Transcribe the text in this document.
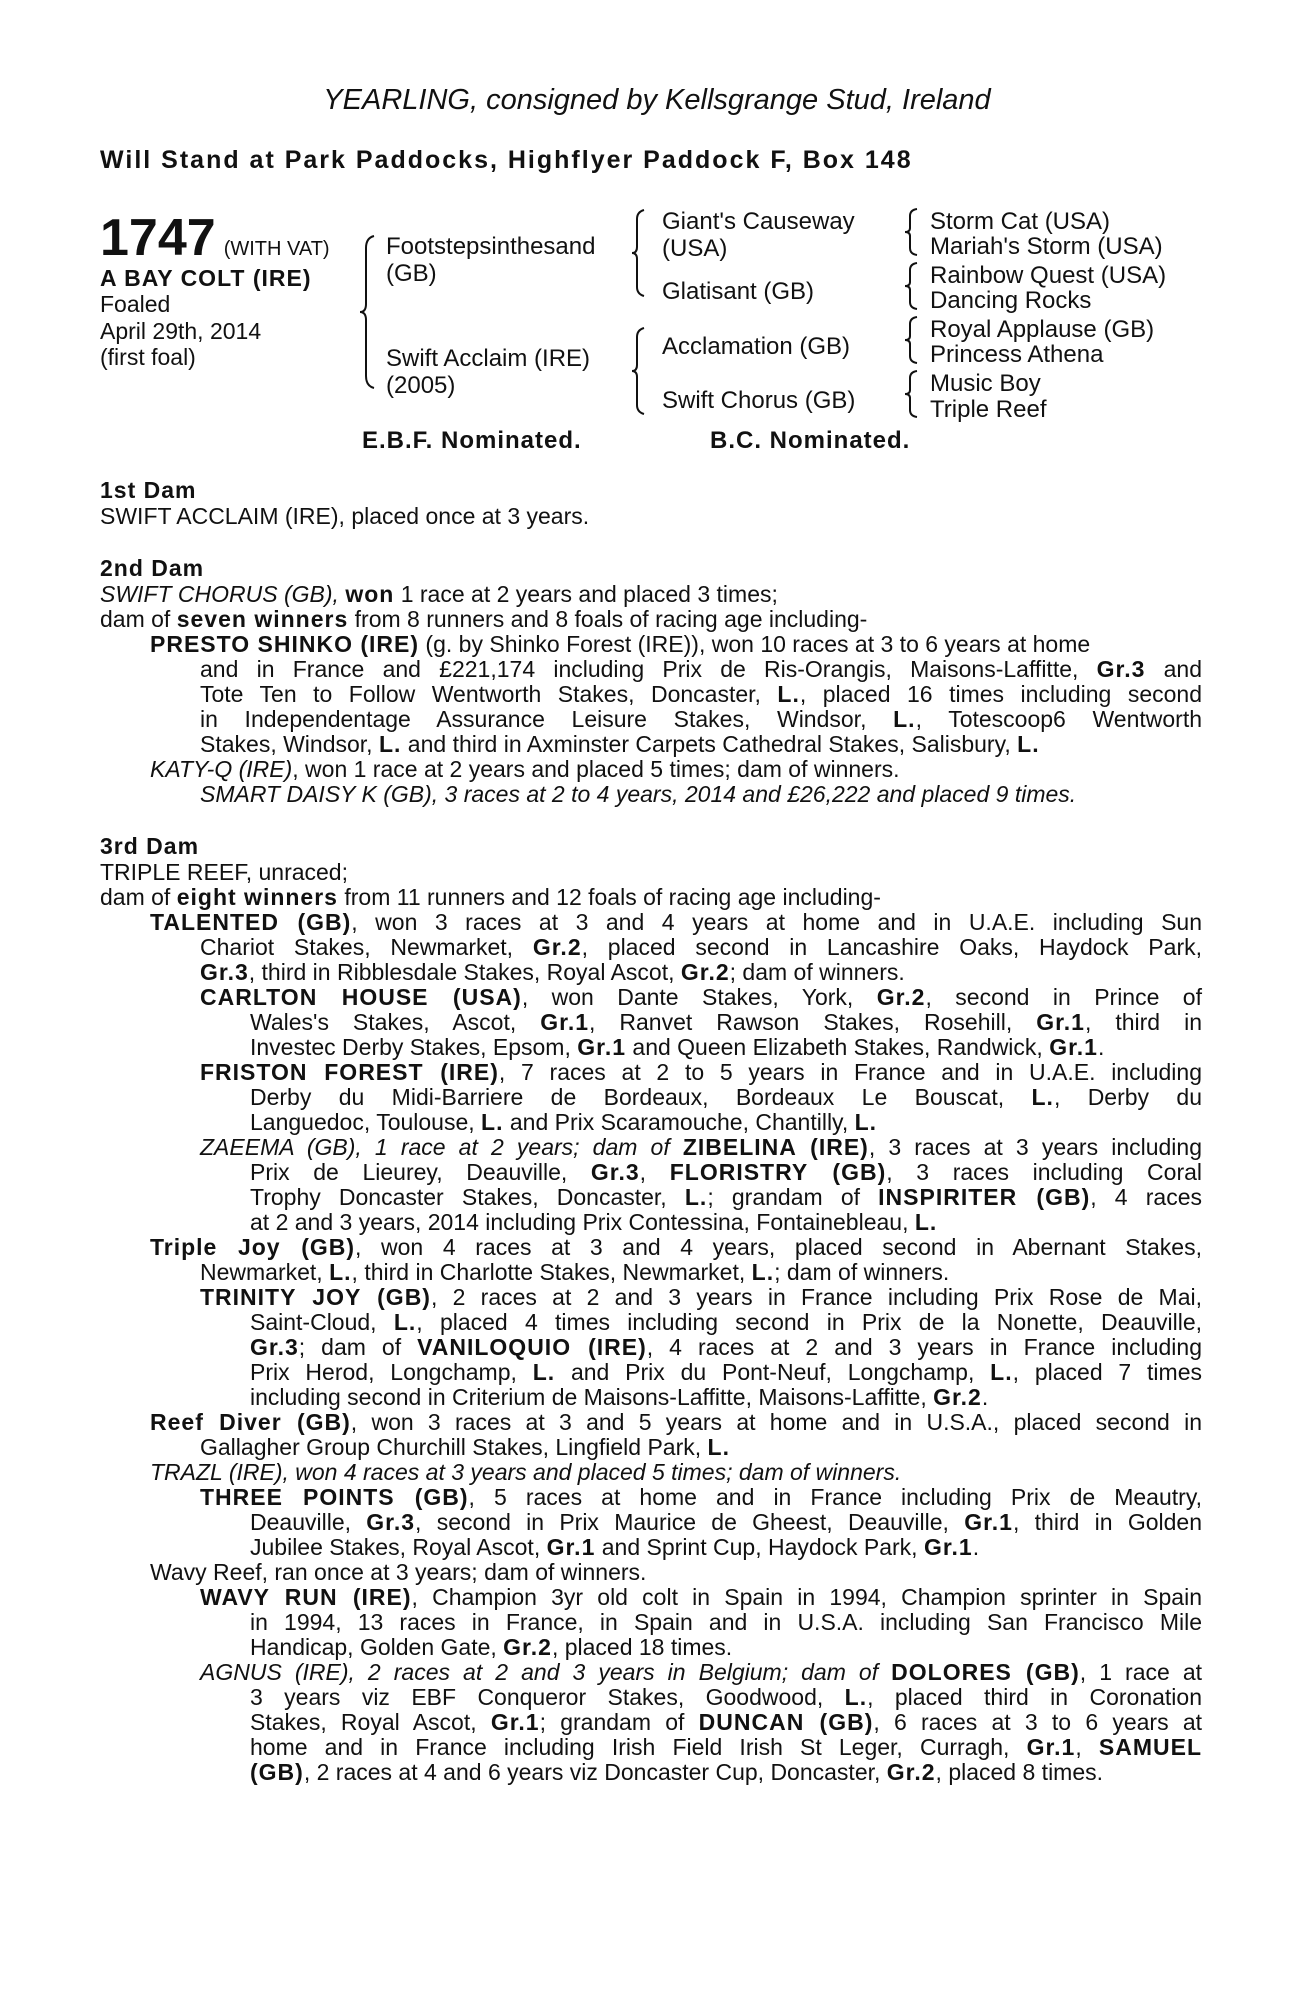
YEARLING, consigned by Kellsgrange Stud, Ireland
Will Stand at Park Paddocks, Highflyer Paddock F, Box 148
1747 (WITH VAT)
A BAY COLT (IRE)
Foaled
April 29th, 2014
(first foal)
Footstepsinthesand
(GB)
Swift Acclaim (IRE)
(2005)
Giant's Causeway
(USA)
Glatisant (GB)
Acclamation (GB)
Swift Chorus (GB)
Storm Cat (USA)
Mariah's Storm (USA)
Rainbow Quest (USA)
Dancing Rocks
Royal Applause (GB)
Princess Athena
Music Boy
Triple Reef
E.B.F. Nominated.	B.C. Nominated.
1st Dam
SWIFT ACCLAIM (IRE), placed once at 3 years.
2nd Dam
SWIFT CHORUS (GB), won 1 race at 2 years and placed 3 times;
dam of seven winners from 8 runners and 8 foals of racing age including-
PRESTO SHINKO (IRE) (g. by Shinko Forest (IRE)), won 10 races at 3 to 6 years at home
and in France and £221,174 including Prix de Ris-Orangis, Maisons-Laffitte, Gr.3 and
Tote Ten to Follow Wentworth Stakes, Doncaster, L., placed 16 times including second
in Independentage Assurance Leisure Stakes, Windsor, L., Totescoop6 Wentworth
Stakes, Windsor, L. and third in Axminster Carpets Cathedral Stakes, Salisbury, L.
KATY-Q (IRE), won 1 race at 2 years and placed 5 times; dam of winners.
SMART DAISY K (GB), 3 races at 2 to 4 years, 2014 and £26,222 and placed 9 times.
3rd Dam
TRIPLE REEF, unraced;
dam of eight winners from 11 runners and 12 foals of racing age including-
TALENTED (GB), won 3 races at 3 and 4 years at home and in U.A.E. including Sun
Chariot Stakes, Newmarket, Gr.2, placed second in Lancashire Oaks, Haydock Park,
Gr.3, third in Ribblesdale Stakes, Royal Ascot, Gr.2; dam of winners.
CARLTON HOUSE (USA), won Dante Stakes, York, Gr.2, second in Prince of
Wales's Stakes, Ascot, Gr.1, Ranvet Rawson Stakes, Rosehill, Gr.1, third in
Investec Derby Stakes, Epsom, Gr.1 and Queen Elizabeth Stakes, Randwick, Gr.1.
FRISTON FOREST (IRE), 7 races at 2 to 5 years in France and in U.A.E. including
Derby du Midi-Barriere de Bordeaux, Bordeaux Le Bouscat, L., Derby du
Languedoc, Toulouse, L. and Prix Scaramouche, Chantilly, L.
ZAEEMA (GB), 1 race at 2 years; dam of ZIBELINA (IRE), 3 races at 3 years including
Prix de Lieurey, Deauville, Gr.3, FLORISTRY (GB), 3 races including Coral
Trophy Doncaster Stakes, Doncaster, L.; grandam of INSPIRITER (GB), 4 races
at 2 and 3 years, 2014 including Prix Contessina, Fontainebleau, L.
Triple Joy (GB), won 4 races at 3 and 4 years, placed second in Abernant Stakes,
Newmarket, L., third in Charlotte Stakes, Newmarket, L.; dam of winners.
TRINITY JOY (GB), 2 races at 2 and 3 years in France including Prix Rose de Mai,
Saint-Cloud, L., placed 4 times including second in Prix de la Nonette, Deauville,
Gr.3; dam of VANILOQUIO (IRE), 4 races at 2 and 3 years in France including
Prix Herod, Longchamp, L. and Prix du Pont-Neuf, Longchamp, L., placed 7 times
including second in Criterium de Maisons-Laffitte, Maisons-Laffitte, Gr.2.
Reef Diver (GB), won 3 races at 3 and 5 years at home and in U.S.A., placed second in
Gallagher Group Churchill Stakes, Lingfield Park, L.
TRAZL (IRE), won 4 races at 3 years and placed 5 times; dam of winners.
THREE POINTS (GB), 5 races at home and in France including Prix de Meautry,
Deauville, Gr.3, second in Prix Maurice de Gheest, Deauville, Gr.1, third in Golden
Jubilee Stakes, Royal Ascot, Gr.1 and Sprint Cup, Haydock Park, Gr.1.
Wavy Reef, ran once at 3 years; dam of winners.
WAVY RUN (IRE), Champion 3yr old colt in Spain in 1994, Champion sprinter in Spain
in 1994, 13 races in France, in Spain and in U.S.A. including San Francisco Mile
Handicap, Golden Gate, Gr.2, placed 18 times.
AGNUS (IRE), 2 races at 2 and 3 years in Belgium; dam of DOLORES (GB), 1 race at
3 years viz EBF Conqueror Stakes, Goodwood, L., placed third in Coronation
Stakes, Royal Ascot, Gr.1; grandam of DUNCAN (GB), 6 races at 3 to 6 years at
home and in France including Irish Field Irish St Leger, Curragh, Gr.1, SAMUEL
(GB), 2 races at 4 and 6 years viz Doncaster Cup, Doncaster, Gr.2, placed 8 times.
